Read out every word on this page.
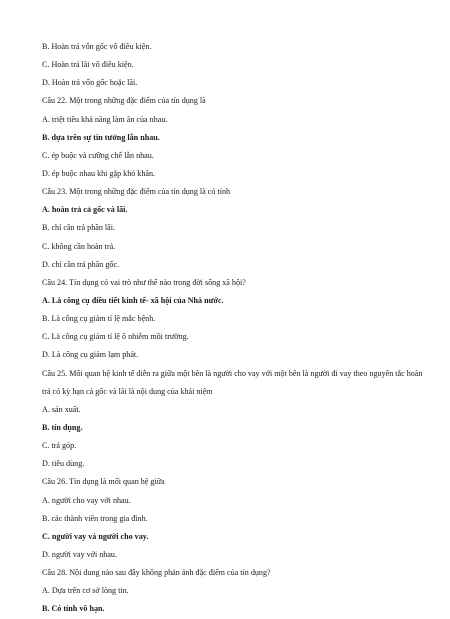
B. Hoàn trả vốn gốc vô điều kiện.
C. Hoàn trả lãi vô điều kiện.
D. Hoàn trả vốn gốc hoặc lãi.
Câu 22. Một trong những đặc điểm của tín dụng là
A. triệt tiêu khả năng làm ăn của nhau.
B. dựa trên sự tin tưởng lẫn nhau.
C. ép buộc và cưỡng chế lẫn nhau.
D. ép buộc nhau khi gặp khó khăn.
Câu 23. Một trong những đặc điểm của tín dụng là có tính
A. hoàn trả cả gốc và lãi.
B. chỉ cần trả phần lãi.
C. không cần hoàn trả.
D. chỉ cần trả phần gốc.
Câu 24. Tín dụng có vai trò như thế nào trong đời sống xã hội?
A. Là công cụ điều tiết kinh tế- xã hội của Nhà nước.
B. Là công cụ giảm tỉ lệ mắc bệnh.
C. Là công cụ giảm tỉ lệ ô nhiễm môi trường.
D. Là công cụ giảm lạm phát.
Câu 25. Mối quan hệ kinh tế diễn ra giữa một bên là người cho vay với một bên là người đi vay theo nguyên tắc hoàn trả có kỳ hạn cả gốc và lãi là nội dung của khái niệm
A. sản xuất.
B. tín dụng.
C. trả góp.
D. tiêu dùng.
Câu 26. Tín dụng là mối quan hệ giữa
A. người cho vay với nhau.
B. các thành viên trong gia đình.
C. người vay và người cho vay.
D. người vay với nhau.
Câu 28. Nội dung nào sau đây không phản ánh đặc điểm của tín dụng?
A. Dựa trên cơ sở lòng tin.
B. Có tính vô hạn.
